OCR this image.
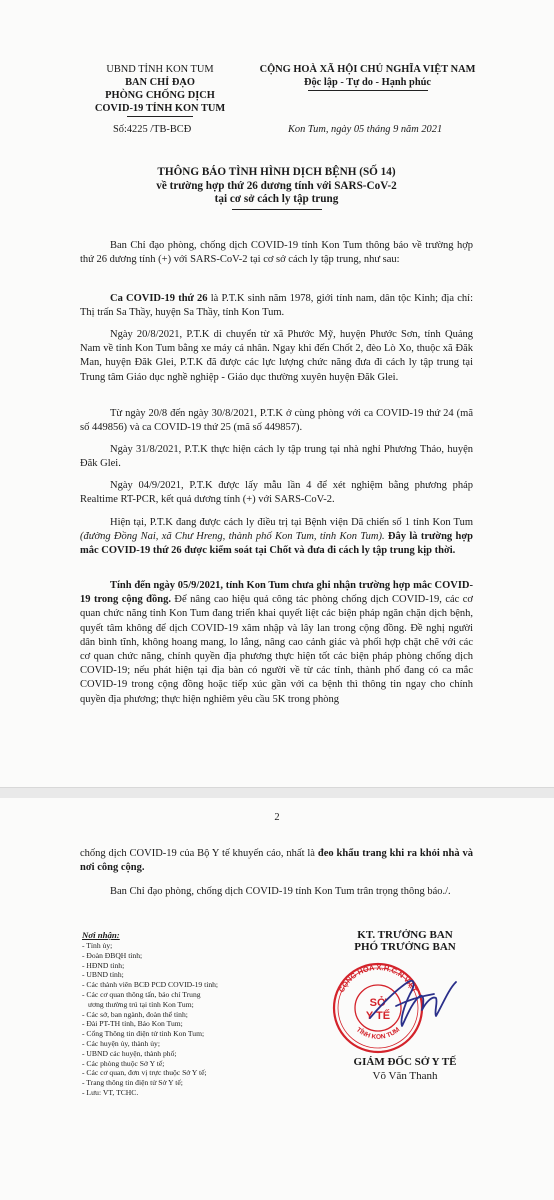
UBND TỈNH KON TUM
BAN CHỈ ĐẠO
PHÒNG CHỐNG DỊCH
COVID-19 TỈNH KON TUM
CỘNG HOÀ XÃ HỘI CHỦ NGHĨA VIỆT NAM
Độc lập - Tự do - Hạnh phúc
Số:4225 /TB-BCĐ	Kon Tum, ngày 05 tháng 9 năm 2021
THÔNG BÁO TÌNH HÌNH DỊCH BỆNH (SỐ 14)
về trường hợp thứ 26 dương tính với SARS-CoV-2
tại cơ sở cách ly tập trung
Ban Chỉ đạo phòng, chống dịch COVID-19 tỉnh Kon Tum thông báo về trường hợp thứ 26 dương tính (+) với SARS-CoV-2 tại cơ sở cách ly tập trung, như sau:
Ca COVID-19 thứ 26 là P.T.K sinh năm 1978, giới tính nam, dân tộc Kinh; địa chỉ: Thị trấn Sa Thầy, huyện Sa Thầy, tỉnh Kon Tum.
Ngày 20/8/2021, P.T.K di chuyển từ xã Phước Mỹ, huyện Phước Sơn, tỉnh Quảng Nam về tỉnh Kon Tum bằng xe máy cá nhân. Ngay khi đến Chốt 2, đèo Lò Xo, thuộc xã Đăk Man, huyện Đăk Glei, P.T.K đã được các lực lượng chức năng đưa đi cách ly tập trung tại Trung tâm Giáo dục nghề nghiệp - Giáo dục thường xuyên huyện Đăk Glei.
Từ ngày 20/8 đến ngày 30/8/2021, P.T.K ở cùng phòng với ca COVID-19 thứ 24 (mã số 449856) và ca COVID-19 thứ 25 (mã số 449857).
Ngày 31/8/2021, P.T.K thực hiện cách ly tập trung tại nhà nghỉ Phương Thảo, huyện Đăk Glei.
Ngày 04/9/2021, P.T.K được lấy mẫu lần 4 để xét nghiệm bằng phương pháp Realtime RT-PCR, kết quả dương tính (+) với SARS-CoV-2.
Hiện tại, P.T.K đang được cách ly điều trị tại Bệnh viện Dã chiến số 1 tỉnh Kon Tum (đường Đồng Nai, xã Chư Hreng, thành phố Kon Tum, tỉnh Kon Tum). Đây là trường hợp mắc COVID-19 thứ 26 được kiểm soát tại Chốt và đưa đi cách ly tập trung kịp thời.
Tính đến ngày 05/9/2021, tỉnh Kon Tum chưa ghi nhận trường hợp mắc COVID-19 trong cộng đồng. Để nâng cao hiệu quả công tác phòng chống dịch COVID-19, các cơ quan chức năng tỉnh Kon Tum đang triển khai quyết liệt các biện pháp ngăn chặn dịch bệnh, quyết tâm không để dịch COVID-19 xâm nhập và lây lan trong cộng đồng. Đề nghị người dân bình tĩnh, không hoang mang, lo lắng, nâng cao cảnh giác và phối hợp chặt chẽ với các cơ quan chức năng, chính quyền địa phương thực hiện tốt các biện pháp phòng chống dịch COVID-19; nếu phát hiện tại địa bàn có người về từ các tỉnh, thành phố đang có ca mắc COVID-19 trong cộng đồng hoặc tiếp xúc gần với ca bệnh thì thông tin ngay cho chính quyền địa phương; thực hiện nghiêm yêu cầu 5K trong phòng
2
chống dịch COVID-19 của Bộ Y tế khuyến cáo, nhất là đeo khẩu trang khi ra khỏi nhà và nơi công cộng.
Ban Chỉ đạo phòng, chống dịch COVID-19 tỉnh Kon Tum trân trọng thông báo./.
Nơi nhận:
- Tỉnh ủy;
- Đoàn ĐBQH tỉnh;
- HĐND tỉnh;
- UBND tỉnh;
- Các thành viên BCĐ PCD COVID-19 tỉnh;
- Các cơ quan thông tấn, báo chí Trung
ương thường trú tại tỉnh Kon Tum;
- Các sở, ban ngành, đoàn thể tỉnh;
- Đài PT-TH tỉnh, Báo Kon Tum;
- Cổng Thông tin điện tử tỉnh Kon Tum;
- Các huyện ủy, thành ủy;
- UBND các huyện, thành phố;
- Các phòng thuộc Sở Y tế;
- Các cơ quan, đơn vị trực thuộc Sở Y tế;
- Trang thông tin điện tử Sở Y tế;
- Lưu: VT, TCHC.
KT. TRƯỞNG BAN
PHÓ TRƯỞNG BAN
CỘNG HÒA X.H.C.N VIỆT
TỈNH KON TUM
SỞ
Y TẾ
GIÁM ĐỐC SỞ Y TẾ
Võ Văn Thanh
